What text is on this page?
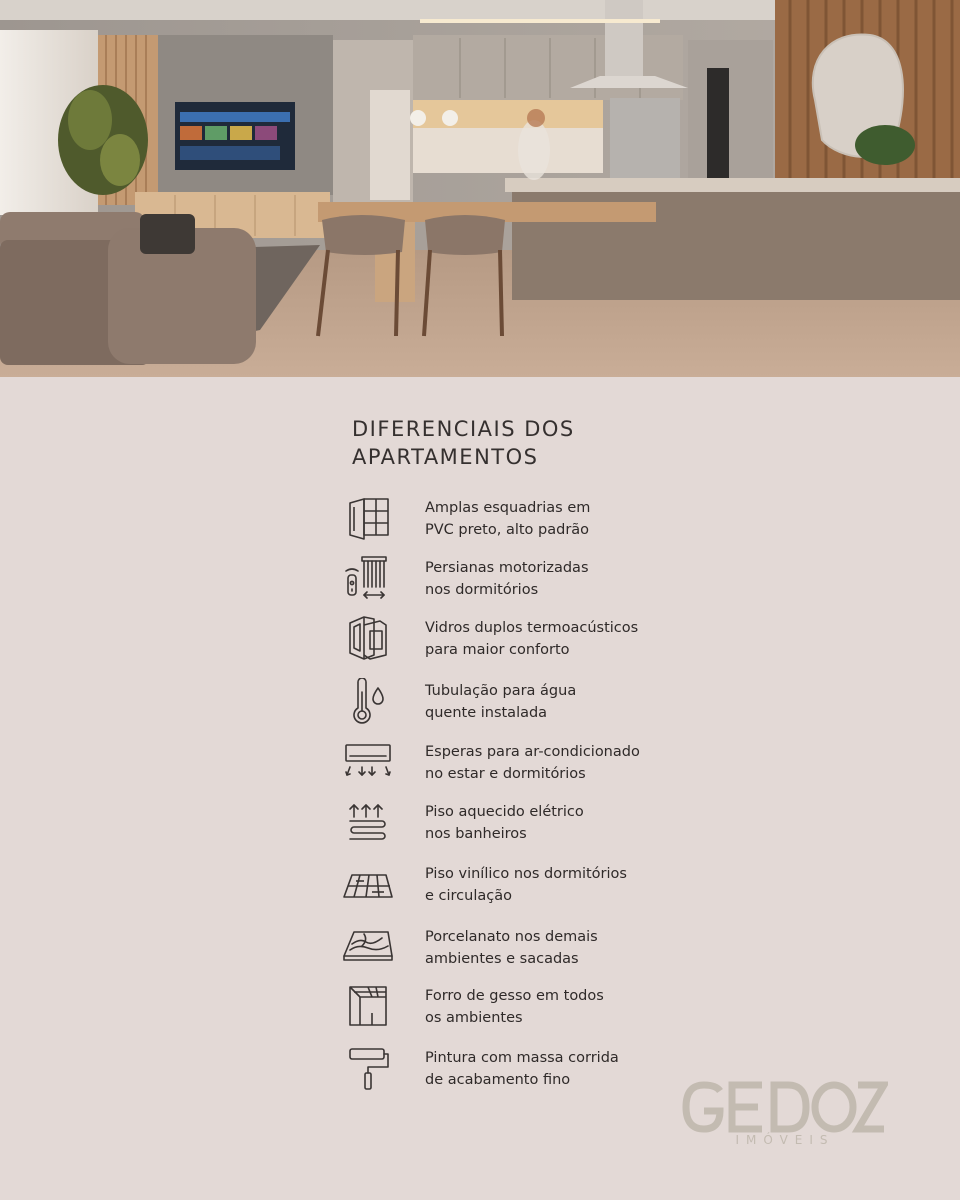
DIFERENCIAIS DOS
APARTAMENTOS
Amplas esquadrias em
PVC preto, alto padrão
Persianas motorizadas
nos dormitórios
Vidros duplos termoacústicos
para maior conforto
Tubulação para água
quente instalada
Esperas para ar-condicionado
no estar e dormitórios
Piso aquecido elétrico
nos banheiros
Piso vinílico nos dormitórios
e circulação
Porcelanato nos demais
ambientes e sacadas
Forro de gesso em todos
os ambientes
Pintura com massa corrida
de acabamento fino
IMÓVEIS
